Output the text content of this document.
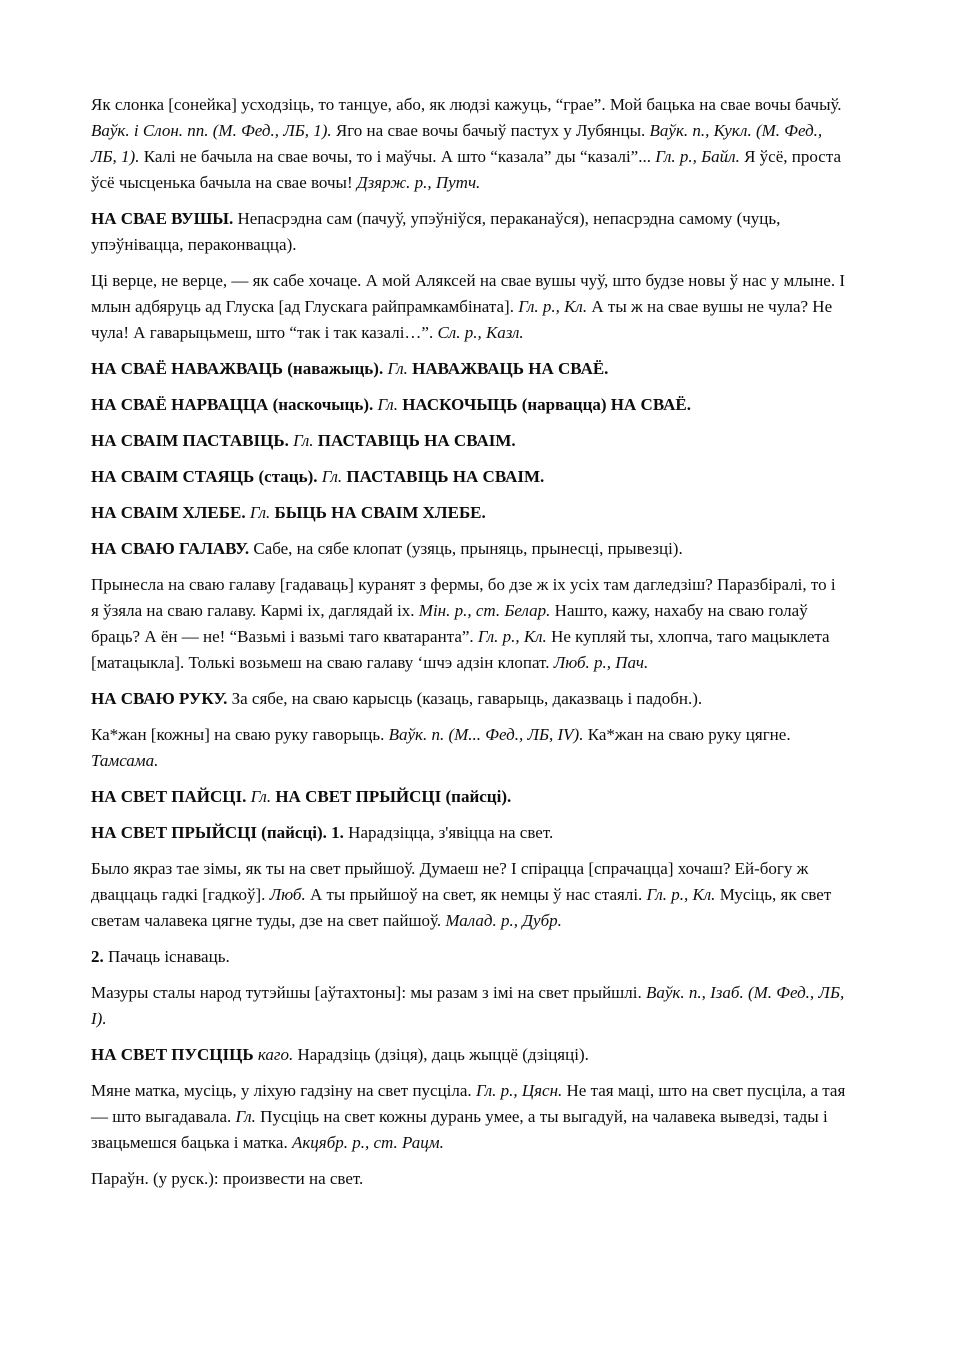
Як слонка [сонейка] усходзіць, то танцуе, або, як людзі кажуць, “грае”. Мой бацька на свае вочы бачыў. Ваўк. і Слон. пп. (М. Фед., ЛБ, 1). Яго на свае вочы бачыў пастух у Лубянцы. Ваўк. п., Кукл. (М. Фед., ЛБ, 1). Калі не бачыла на свае вочы, то і маўчы. А што “казала” ды “казалі”... Гл. р., Байл. Я ўсё, проста ўсё чысценька бачыла на свае вочы! Дзярж. р., Путч.

НА СВАЕ ВУШЫ. Непасрэдна сам (пачуў, упэўніўся, пераканаўся), непасрэдна самому (чуць, упэўнівацца, пераконвацца).

Ці верце, не верце, — як сабе хочаце. А мой Аляксей на свае вушы чуў, што будзе новы ў нас у млыне. І млын адбяруць ад Глуска [ад Глускага райпрамкамбіната]. Гл. р., Кл. А ты ж на свае вушы не чула? Не чула! А гаварыцьмеш, што “так і так казалі…”. Сл. р., Казл.

НА СВАЁ НАВАЖВАЦЬ (наважыць). Гл. НАВАЖВАЦЬ НА СВАЁ.

НА СВАЁ НАРВАЦЦА (наскочыць). Гл. НАСКОЧЫЦЬ (нарвацца) НА СВАЁ.

НА СВАІМ ПАСТАВІЦЬ. Гл. ПАСТАВІЦЬ НА СВАІМ.

НА СВАІМ СТАЯЦЬ (стаць). Гл. ПАСТАВІЦЬ НА СВАІМ.

НА СВАІМ ХЛЕБЕ. Гл. БЫЦЬ НА СВАІМ ХЛЕБЕ.

НА СВАЮ ГАЛАВУ. Сабе, на сябе клопат (узяць, прыняць, прынесці, прывезці).

Прынесла на сваю галаву [гадаваць] куранят з фермы, бо дзе ж іх усіх там дагледзіш? Паразбіралі, то і я ўзяла на сваю галаву. Кармі іх, даглядай іх. Мін. р., ст. Белар. Нашто, кажу, нахабу на сваю голаў браць? А ён — не! “Вазьмі і вазьмі таго кватаранта”. Гл. р., Кл. Не купляй ты, хлопча, таго мацыклета [матацыкла]. Толькі возьмеш на сваю галаву ‘шчэ адзін клопат. Люб. р., Пач.

НА СВАЮ РУКУ. За сябе, на сваю карысць (казаць, гаварыць, даказваць і падобн.).

Ка*жан [кожны] на сваю руку гаворыць. Ваўк. п. (М... Фед., ЛБ, IV). Ка*жан на сваю руку цягне. Тамсама.

НА СВЕТ ПАЙСЦІ. Гл. НА СВЕТ ПРЫЙСЦІ (пайсці).

НА СВЕТ ПРЫЙСЦІ (пайсці). 1. Нарадзіцца, з'явіцца на свет.

Было якраз тае зімы, як ты на свет прыйшоў. Думаеш не? І спірацца [спрачацца] хочаш? Ей-богу ж дваццаць гадкі [гадкоў]. Люб. А ты прыйшоў на свет, як немцы ў нас стаялі. Гл. р., Кл. Мусіць, як свет светам чалавека цягне туды, дзе на свет пайшоў. Малад. р., Дубр.

2. Пачаць існаваць.

Мазуры сталы народ тутэйшы [аўтахтоны]: мы разам з імі на свет прыйшлі. Ваўк. п., Ізаб. (М. Фед., ЛБ, І).

НА СВЕТ ПУСЦІЦЬ каго. Нарадзіць (дзіця), даць жыццё (дзіцяці).

Мяне матка, мусіць, у ліхую гадзіну на свет пусціла. Гл. р., Цясн. Не тая маці, што на свет пусціла, а тая — што выгадавала. Гл. Пусціць на свет кожны дурань умее, а ты выгадуй, на чалавека выведзі, тады і звацьмешся бацька і матка. Акцябр. р., ст. Рацм.

Параўн. (у руск.): произвести на свет.
